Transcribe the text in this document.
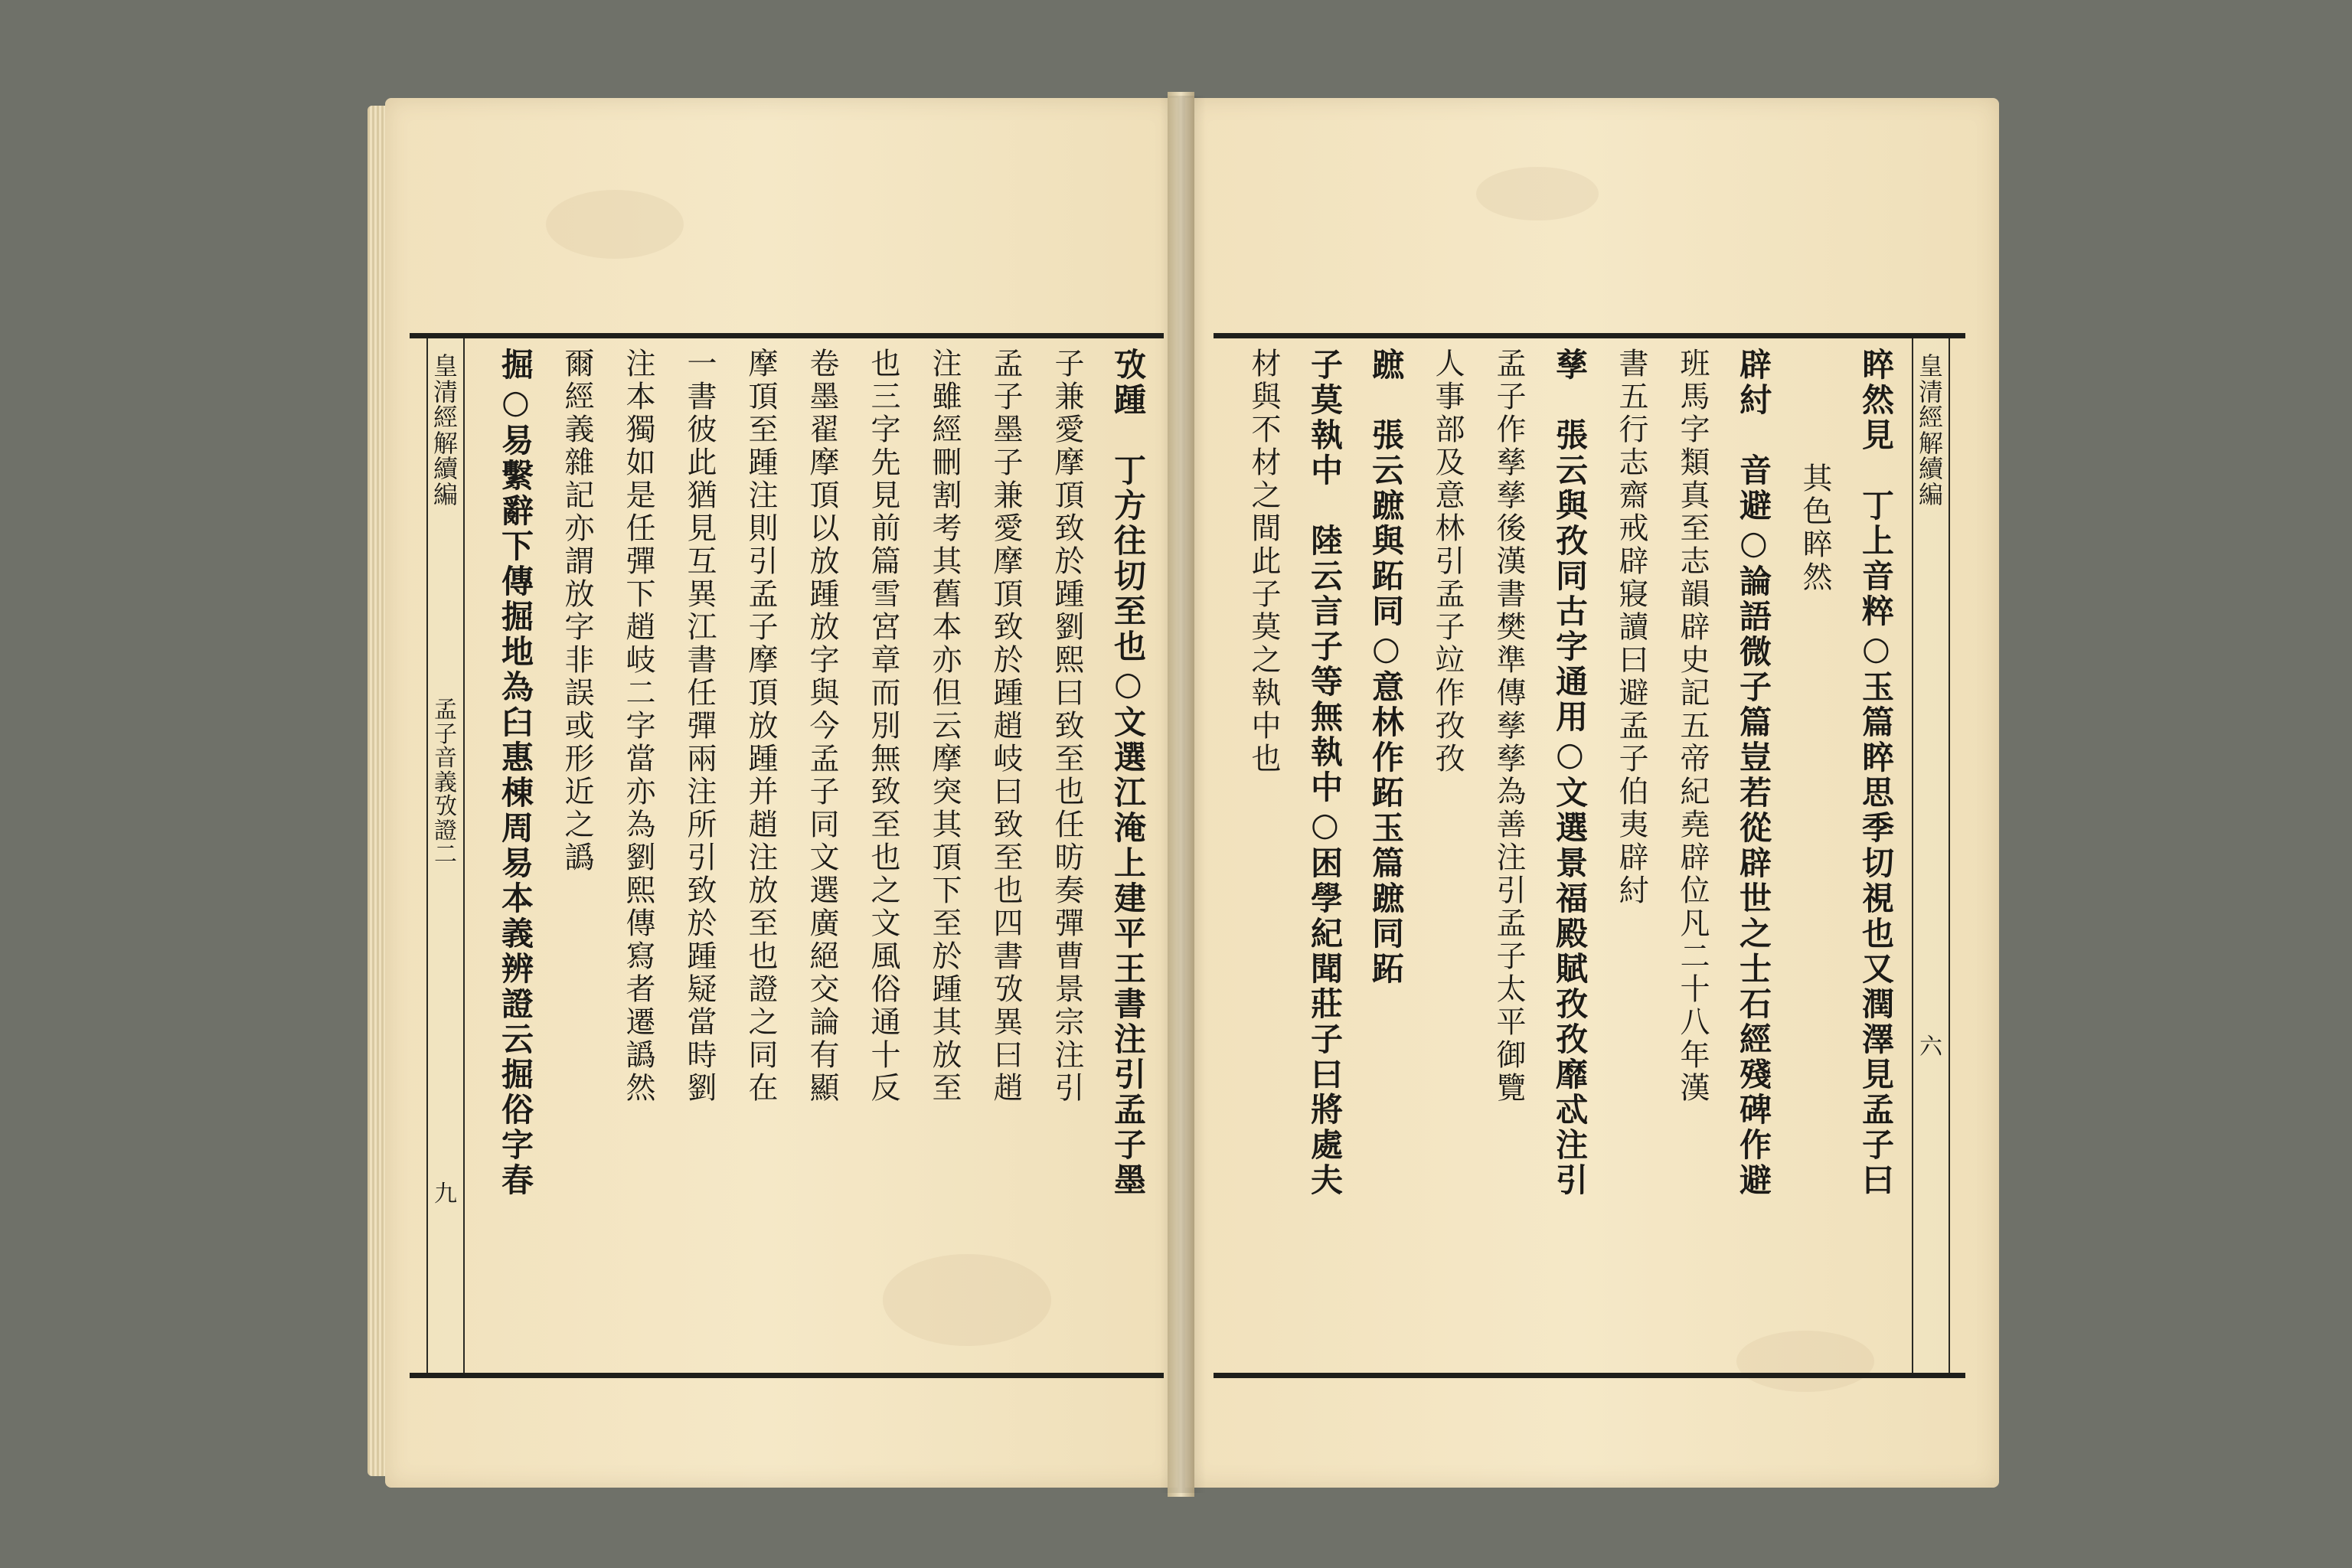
皇清經解續編
孟子音義攷證二
九	攷踵　丁方往切至也○文選江淹上建平王書注引孟子墨
子兼愛摩頂致於踵劉熙曰致至也任昉奏彈曹景宗注引
孟子墨子兼愛摩頂致於踵趙岐曰致至也四書攷異曰趙
注雖經刪割考其舊本亦但云摩突其頂下至於踵其放至
也三字先見前篇雪宮章而別無致至也之文風俗通十反
卷墨翟摩頂以放踵放字與今孟子同文選廣絕交論有顯
摩頂至踵注則引孟子摩頂放踵并趙注放至也證之同在
一書彼此猶見互異江書任彈兩注所引致於踵疑當時劉
注本獨如是任彈下趙岐二字當亦為劉熙傳寫者遷譌然
爾經義雜記亦謂放字非誤或形近之譌
掘○易繫辭下傳掘地為臼惠棟周易本義辨證云掘俗字春	皇清經解續編
六
睟然見　丁上音粹○玉篇睟思季切視也又潤澤見孟子曰
其色睟然
辟紂　音避○論語微子篇豈若從辟世之士石經殘碑作避
班馬字類真至志韻辟史記五帝紀堯辟位凡二十八年漢
書五行志齋戒辟寢讀曰避孟子伯夷辟紂
孳　張云與孜同古字通用○文選景福殿賦孜孜靡忒注引
孟子作孳孳後漢書樊準傳孳孳為善注引孟子太平御覽
人事部及意林引孟子竝作孜孜
蹠　張云蹠與跖同○意林作跖玉篇蹠同跖
子莫執中　陸云言子等無執中○困學紀聞莊子曰將處夫
材與不材之間此子莫之執中也
